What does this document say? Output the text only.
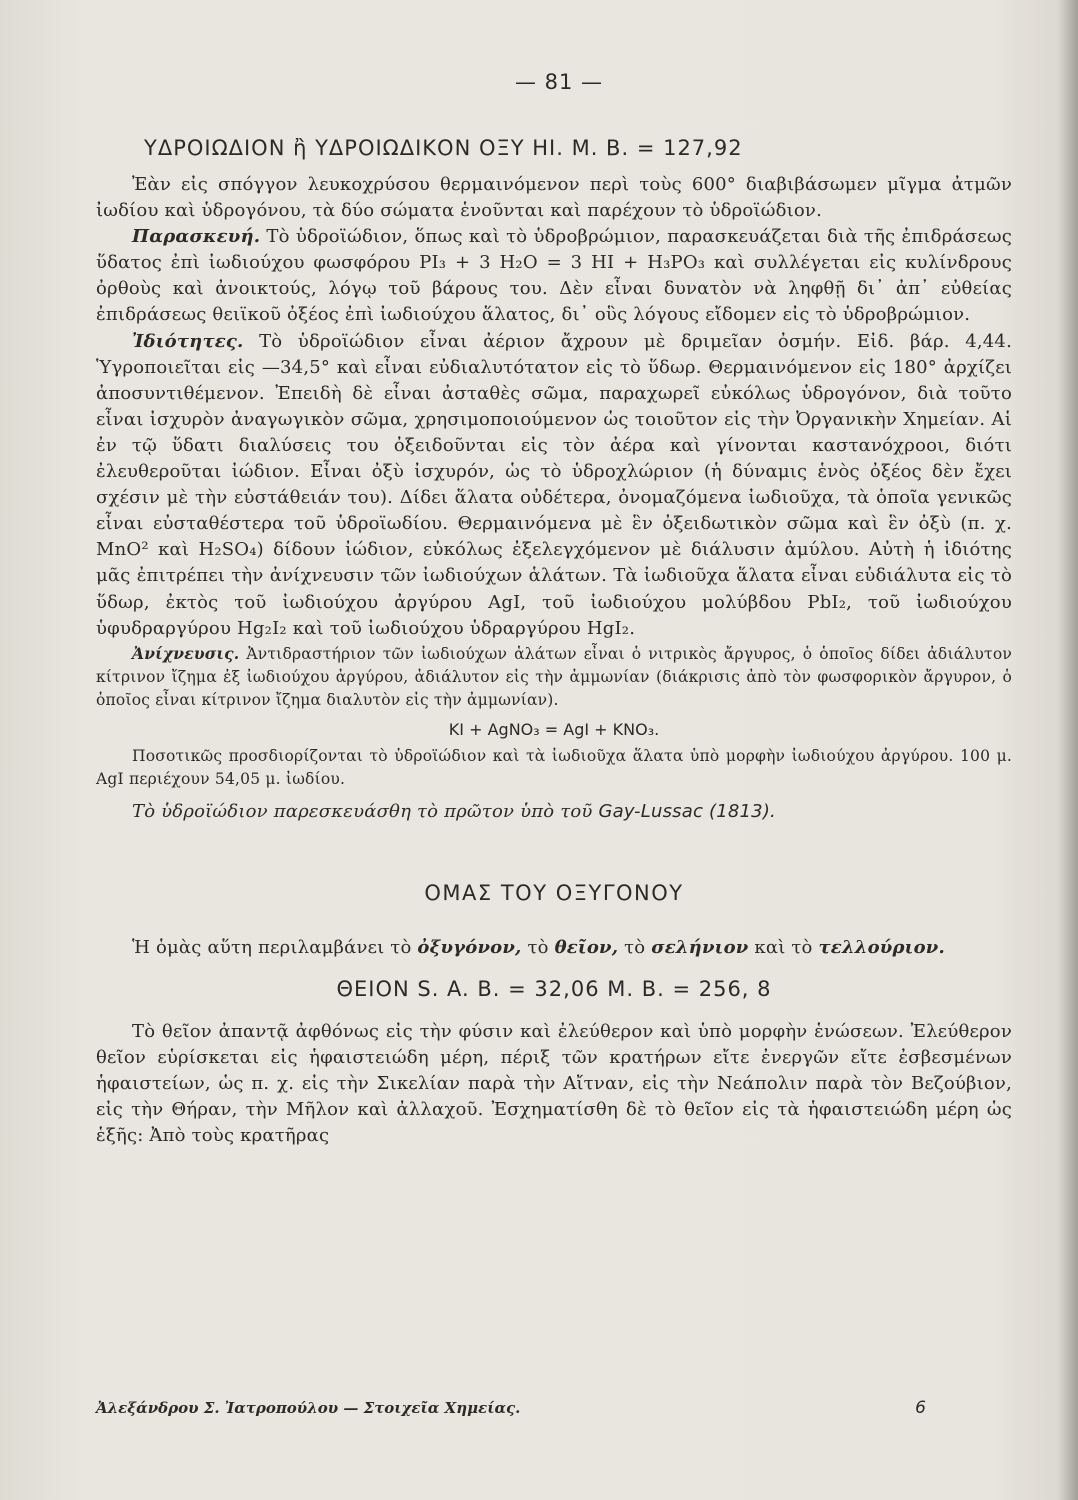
— 81 —
ΥΔΡΟΙΩΔΙΟΝ ἢ ΥΔΡΟΙΩΔΙΚΟΝ ΟΞΥ HI. Μ. Β. = 127,92

Ἐὰν εἰς σπόγγον λευκοχρύσου θερμαινόμενον περὶ τοὺς 600° διαβιβάσωμεν μῖγμα ἀτμῶν ἰωδίου καὶ ὑδρογόνου, τὰ δύο σώματα ἑνοῦνται καὶ παρέχουν τὸ ὑδροϊώδιον.

Παρασκευή. Τὸ ὑδροϊώδιον, ὅπως καὶ τὸ ὑδροβρώμιον, παρασκευάζεται διὰ τῆς ἐπιδράσεως ὕδατος ἐπὶ ἰωδιούχου φωσφόρου PI₃ + 3 H₂O = 3 HI + H₃PO₃ καὶ συλλέγεται εἰς κυλίνδρους ὀρθοὺς καὶ ἀνοικτούς, λόγῳ τοῦ βάρους του. Δὲν εἶναι δυνατὸν νὰ ληφθῇ δι᾽ ἀπ᾽ εὐθείας ἐπιδράσεως θειϊκοῦ ὀξέος ἐπὶ ἰωδιούχου ἅλατος, δι᾽ οὓς λόγους εἴδομεν εἰς τὸ ὑδροβρώμιον.

Ἰδιότητες. Τὸ ὑδροϊώδιον εἶναι ἀέριον ἄχρουν μὲ δριμεῖαν ὀσμήν. Εἰδ. βάρ. 4,44. Ὑγροποιεῖται εἰς —34,5° καὶ εἶναι εὐδιαλυτότατον εἰς τὸ ὕδωρ. Θερμαινόμενον εἰς 180° ἀρχίζει ἀποσυντιθέμενον. Ἐπειδὴ δὲ εἶναι ἀσταθὲς σῶμα, παραχωρεῖ εὐκόλως ὑδρογόνον, διὰ τοῦτο εἶναι ἰσχυρὸν ἀναγωγικὸν σῶμα, χρησιμοποιούμενον ὡς τοιοῦτον εἰς τὴν Ὀργανικὴν Χημείαν. Αἱ ἐν τῷ ὕδατι διαλύσεις του ὀξειδοῦνται εἰς τὸν ἀέρα καὶ γίνονται καστανόχροοι, διότι ἐλευθεροῦται ἰώδιον. Εἶναι ὀξὺ ἰσχυρόν, ὡς τὸ ὑδροχλώριον (ἡ δύναμις ἑνὸς ὀξέος δὲν ἔχει σχέσιν μὲ τὴν εὐστάθειάν του). Δίδει ἅλατα οὐδέτερα, ὀνομαζόμενα ἰωδιοῦχα, τὰ ὁποῖα γενικῶς εἶναι εὐσταθέστερα τοῦ ὑδροϊωδίου. Θερμαινόμενα μὲ ἓν ὀξειδωτικὸν σῶμα καὶ ἓν ὀξὺ (π. χ. MnO² καὶ H₂SO₄) δίδουν ἰώδιον, εὐκόλως ἐξελεγχόμενον μὲ διάλυσιν ἀμύλου. Αὐτὴ ἡ ἰδιότης μᾶς ἐπιτρέπει τὴν ἀνίχνευσιν τῶν ἰωδιούχων ἁλάτων. Τὰ ἰωδιοῦχα ἅλατα εἶναι εὐδιάλυτα εἰς τὸ ὕδωρ, ἐκτὸς τοῦ ἰωδιούχου ἀργύρου AgI, τοῦ ἰωδιούχου μολύβδου PbI₂, τοῦ ἰωδιούχου ὑφυδραργύρου Hg₂I₂ καὶ τοῦ ἰωδιούχου ὑδραργύρου HgI₂.

Ἀνίχνευσις. Ἀντιδραστήριον τῶν ἰωδιούχων ἁλάτων εἶναι ὁ νιτρικὸς ἄργυρος, ὁ ὁποῖος δίδει ἀδιάλυτον κίτρινον ἴζημα ἐξ ἰωδιούχου ἀργύρου, ἀδιάλυτον εἰς τὴν ἀμμωνίαν (διάκρισις ἀπὸ τὸν φωσφορικὸν ἄργυρον, ὁ ὁποῖος εἶναι κίτρινον ἴζημα διαλυτὸν εἰς τὴν ἀμμωνίαν).

KI + AgNO₃ = AgI + KNO₃.

Ποσοτικῶς προσδιορίζονται τὸ ὑδροϊώδιον καὶ τὰ ἰωδιοῦχα ἅλατα ὑπὸ μορφὴν ἰωδιούχου ἀργύρου. 100 μ. AgI περιέχουν 54,05 μ. ἰωδίου.

Τὸ ὑδροϊώδιον παρεσκευάσθη τὸ πρῶτον ὑπὸ τοῦ Gay-Lussac (1813).

ΟΜΑΣ ΤΟΥ ΟΞΥΓΟΝΟΥ

Ἡ ὁμὰς αὕτη περιλαμβάνει τὸ ὀξυγόνον, τὸ θεῖον, τὸ σελήνιον καὶ τὸ τελλούριον.

ΘΕΙΟΝ S. A. B. = 32,06 M. B. = 256, 8

Τὸ θεῖον ἀπαντᾷ ἀφθόνως εἰς τὴν φύσιν καὶ ἐλεύθερον καὶ ὑπὸ μορφὴν ἑνώσεων. Ἐλεύθερον θεῖον εὑρίσκεται εἰς ἡφαιστειώδη μέρη, πέριξ τῶν κρατήρων εἴτε ἐνεργῶν εἴτε ἐσβεσμένων ἡφαιστείων, ὡς π. χ. εἰς τὴν Σικελίαν παρὰ τὴν Αἴτναν, εἰς τὴν Νεάπολιν παρὰ τὸν Βεζούβιον, εἰς τὴν Θήραν, τὴν Μῆλον καὶ ἀλλαχοῦ. Ἐσχηματίσθη δὲ τὸ θεῖον εἰς τὰ ἡφαιστειώδη μέρη ὡς ἑξῆς: Ἀπὸ τοὺς κρατῆρας

Ἀλεξάνδρου Σ. Ἰατροπούλου — Στοιχεῖα Χημείας.	6
